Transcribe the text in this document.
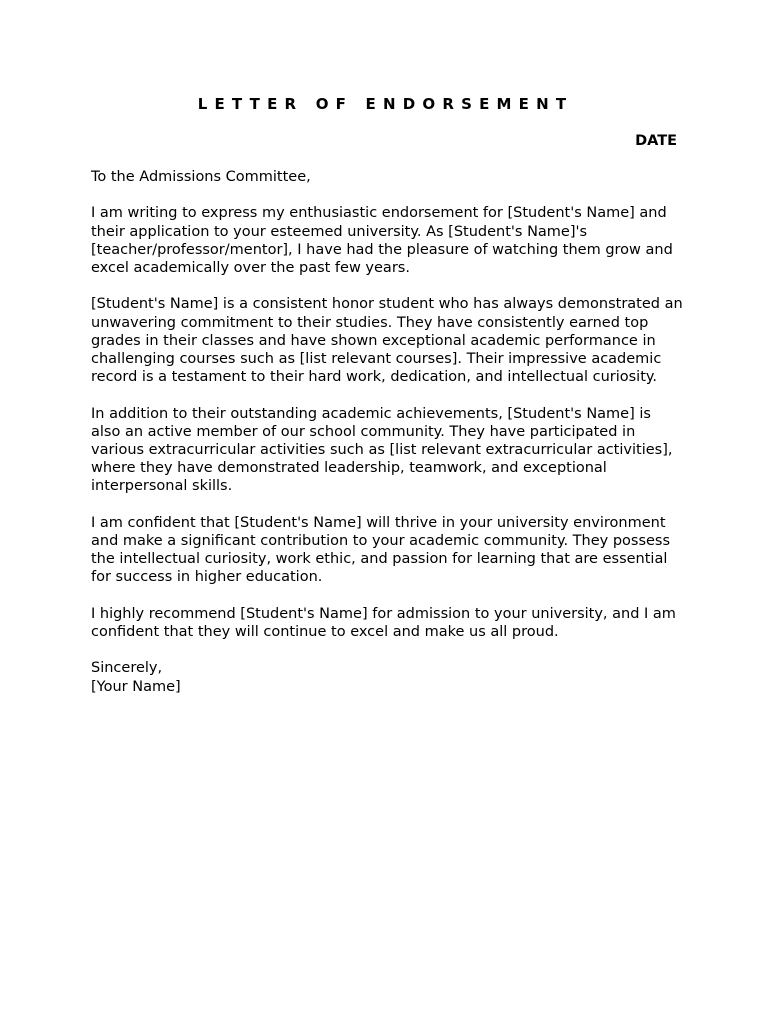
LETTER OF ENDORSEMENT
DATE

To the Admissions Committee,

I am writing to express my enthusiastic endorsement for [Student's Name] and their application to your esteemed university. As [Student's Name]'s [teacher/professor/mentor], I have had the pleasure of watching them grow and excel academically over the past few years.

[Student's Name] is a consistent honor student who has always demonstrated an unwavering commitment to their studies. They have consistently earned top grades in their classes and have shown exceptional academic performance in challenging courses such as [list relevant courses]. Their impressive academic record is a testament to their hard work, dedication, and intellectual curiosity.

In addition to their outstanding academic achievements, [Student's Name] is also an active member of our school community. They have participated in various extracurricular activities such as [list relevant extracurricular activities], where they have demonstrated leadership, teamwork, and exceptional interpersonal skills.

I am confident that [Student's Name] will thrive in your university environment and make a significant contribution to your academic community. They possess the intellectual curiosity, work ethic, and passion for learning that are essential for success in higher education.

I highly recommend [Student's Name] for admission to your university, and I am confident that they will continue to excel and make us all proud.

Sincerely,

[Your Name]
